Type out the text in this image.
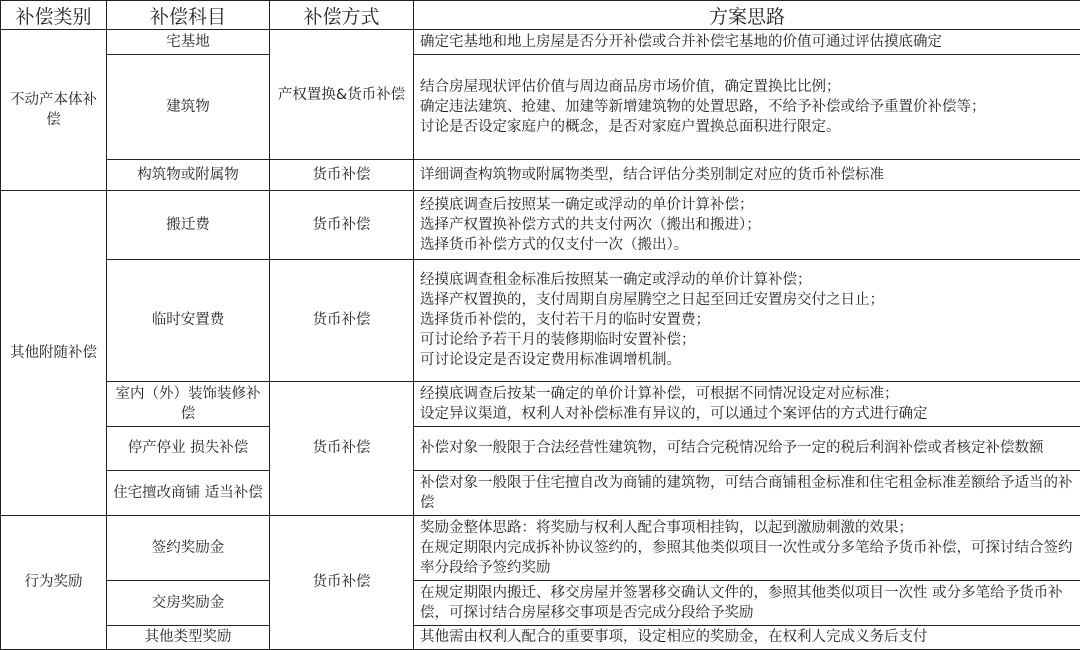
补偿类别	补偿科目	补偿方式	方案思路
不动产本体补偿	宅基地	产权置换&货币补偿	确定宅基地和地上房屋是否分开补偿或合并补偿宅基地的价值可通过评估摸底确定

	建筑物		结合房屋现状评估价值与周边商品房市场价值，确定置换比比例；
确定违法建筑、抢建、加建等新增建筑物的处置思路，不给予补偿或给予重置价补偿等；
讨论是否设定家庭户的概念，是否对家庭户置换总面积进行限定。

	构筑物或附属物	货币补偿	详细调查构筑物或附属物类型，结合评估分类别制定对应的货币补偿标准

其他附随补偿	搬迁费	货币补偿	经摸底调查后按照某一确定或浮动的单价计算补偿；
选择产权置换补偿方式的共支付两次（搬出和搬进）；
选择货币补偿方式的仅支付一次（搬出）。

	临时安置费	货币补偿	经摸底调查租金标准后按照某一确定或浮动的单价计算补偿；
选择产权置换的，支付周期自房屋腾空之日起至回迁安置房交付之日止；
选择货币补偿的，支付若干月的临时安置费；
可讨论给予若干月的装修期临时安置补偿；
可讨论设定是否设定费用标准调增机制。

	室内（外）装饰装修补偿	货币补偿	经摸底调查后按某一确定的单价计算补偿，可根据不同情况设定对应标准；
设定异议渠道，权利人对补偿标准有异议的，可以通过个案评估的方式进行确定

	停产停业 损失补偿		补偿对象一般限于合法经营性建筑物，可结合完税情况给予一定的税后利润补偿或者核定补偿数额
	住宅擅改商铺 适当补偿		补偿对象一般限于住宅擅自改为商铺的建筑物，可结合商铺租金标准和住宅租金标准差额给予适当的补偿
行为奖励	签约奖励金	货币补偿	奖励金整体思路：将奖励与权利人配合事项相挂钩，以起到激励刺激的效果；
在规定期限内完成拆补协议签约的，参照其他类似项目一次性或分多笔给予货币补偿，可探讨结合签约率分段给予签约奖励

	交房奖励金		在规定期限内搬迁、移交房屋并签署移交确认文件的，参照其他类似项目一次性 或分多笔给予货币补偿，可探讨结合房屋移交事项是否完成分段给予奖励
	其他类型奖励		其他需由权利人配合的重要事项，设定相应的奖励金，在权利人完成义务后支付
